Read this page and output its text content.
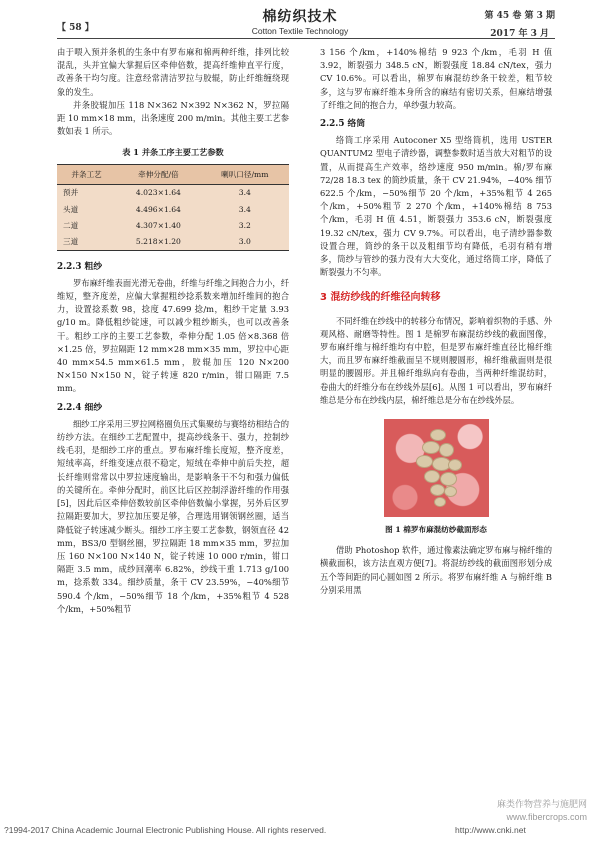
棉纺织技术
Cotton Textile Technology
【 58 】
第 45 卷 第 3 期
2017 年 3 月

由于喂入预并条机的生条中有罗布麻和棉两种纤维，排列比较混乱，头并宜偏大掌握后区牵伸倍数，提高纤维伸直平行度，改善条干均匀度。注意经常清洁罗拉与胶辊，防止纤维缠绕现象的发生。

并条胶辊加压 118 N×362 N×392 N×362 N，罗拉隔距 10 mm×18 mm，出条速度 200 m/min。其他主要工艺参数如表 1 所示。

表 1 并条工序主要工艺参数
并条工艺	牵伸分配/倍	喇叭口径/mm
预并	4.023×1.64	3.4
头道	4.496×1.64	3.4
二道	4.307×1.40	3.2
三道	5.218×1.20	3.0
2.2.3 粗纱

罗布麻纤维表面光滑无卷曲，纤维与纤维之间抱合力小，纤维短，整齐度差，应偏大掌握粗纱捻系数来增加纤维间的抱合力，设置捻系数 98，捻度 47.699 捻/m，粗纱干定量 3.93 g/10 m。降低粗纱锭速，可以减少粗纱断头，也可以改善条干。粗纱工序的主要工艺参数，牵伸分配 1.05 倍×8.368 倍×1.25 倍，罗拉隔距 12 mm×28 mm×35 mm，罗拉中心距 40 mm×54.5 mm×61.5 mm，胶辊加压 120 N×200 N×150 N×150 N，锭子转速 820 r/min，钳口隔距 7.5 mm。

2.2.4 细纱

细纱工序采用三罗拉网格圈负压式集聚纺与赛络纺相结合的纺纱方法。在细纱工艺配置中，提高纱线条干、强力，控制纱线毛羽，是细纱工序的重点。罗布麻纤维长度短，整齐度差，短绒率高，纤维变速点很不稳定，短绒在牵伸中前后失控，超长纤维则常常以中罗拉速度输出，是影响条干不匀和强力偏低的关键所在。牵伸分配时，前区比后区控制浮游纤维的作用强[5]，因此后区牵伸倍数较前区牵伸倍数偏小掌握，另外后区罗拉隔距要加大，罗拉加压要足够，合理选用钢领钢丝圈，适当降低锭子转速减少断头。细纱工序主要工艺参数，钢领直径 42 mm，BS3/0 型钢丝圈，罗拉隔距 18 mm×35 mm，罗拉加压 160 N×100 N×140 N，锭子转速 10 000 r/min，钳口隔距 3.5 mm，成纱回潮率 6.82%，纱线干重 1.713 g/100 m，捻系数 334。细纱质量，条干 CV 23.59%，−40%细节 590.4 个/km，−50%细节 18 个/km，+35%粗节 4 528 个/km，+50%粗节

3 156 个/km，+140%棉结 9 923 个/km，毛羽 H 值 3.92，断裂强力 348.5 cN，断裂强度 18.84 cN/tex，强力 CV 10.6%。可以看出，棉罗布麻混纺纱条干较差，粗节较多，这与罗布麻纤维本身所含的麻结有密切关系，但麻结增强了纤维之间的抱合力，单纱强力较高。

2.2.5 络筒

络筒工序采用 Autoconer X5 型络筒机，选用 USTER QUANTUM2 型电子清纱器，调整参数时适当放大对粗节的设置，从而提高生产效率，络纱速度 950 m/min。棉/罗布麻 72/28 18.3 tex 的简纱质量，条干 CV 21.94%，−40% 细节 622.5 个/km，−50%细节 20 个/km，+35%粗节 4 265 个/km，+50%粗节 2 270 个/km，+140%棉结 8 753 个/km，毛羽 H 值 4.51，断裂强力 353.6 cN，断裂强度 19.32 cN/tex，强力 CV 9.7%。可以看出，电子清纱器参数设置合理，筒纱的条干以及粗细节均有降低，毛羽有稍有增多，筒纱与管纱的强力没有大大变化，通过络筒工序，降低了断裂强力不匀率。

3 混纺纱线的纤维径向转移

不同纤维在纱线中的转移分布情况，影响着织物的手感、外观风格、耐磨等特性。图 1 是棉罗布麻混纺纱线的截面图像，罗布麻纤维与棉纤维均有中腔，但是罗布麻纤维直径比棉纤维大，而且罗布麻纤维截面呈不规则腰圆形，棉纤维截面则是很明显的腰圆形。并且棉纤维纵向有卷曲，当两种纤维混纺时，卷曲大的纤维分布在纱线外层[6]。从图 1 可以看出，罗布麻纤维总是分布在纱线内层，棉纤维总是分布在纱线外层。

图 1 棉罗布麻混纺纱截面形态

借助 Photoshop 软件，通过像素法确定罗布麻与棉纤维的横截面积，该方法直观方便[7]。将混纺纱线的截面图形划分成五个等间距的同心圆如图 2 所示。将罗布麻纤维 A 与棉纤维 B 分别采用黑

麻类作物营养与施肥网
www.fibercrops.com
?1994-2017 China Academic Journal Electronic Publishing House. All rights reserved.	http://www.cnki.net
